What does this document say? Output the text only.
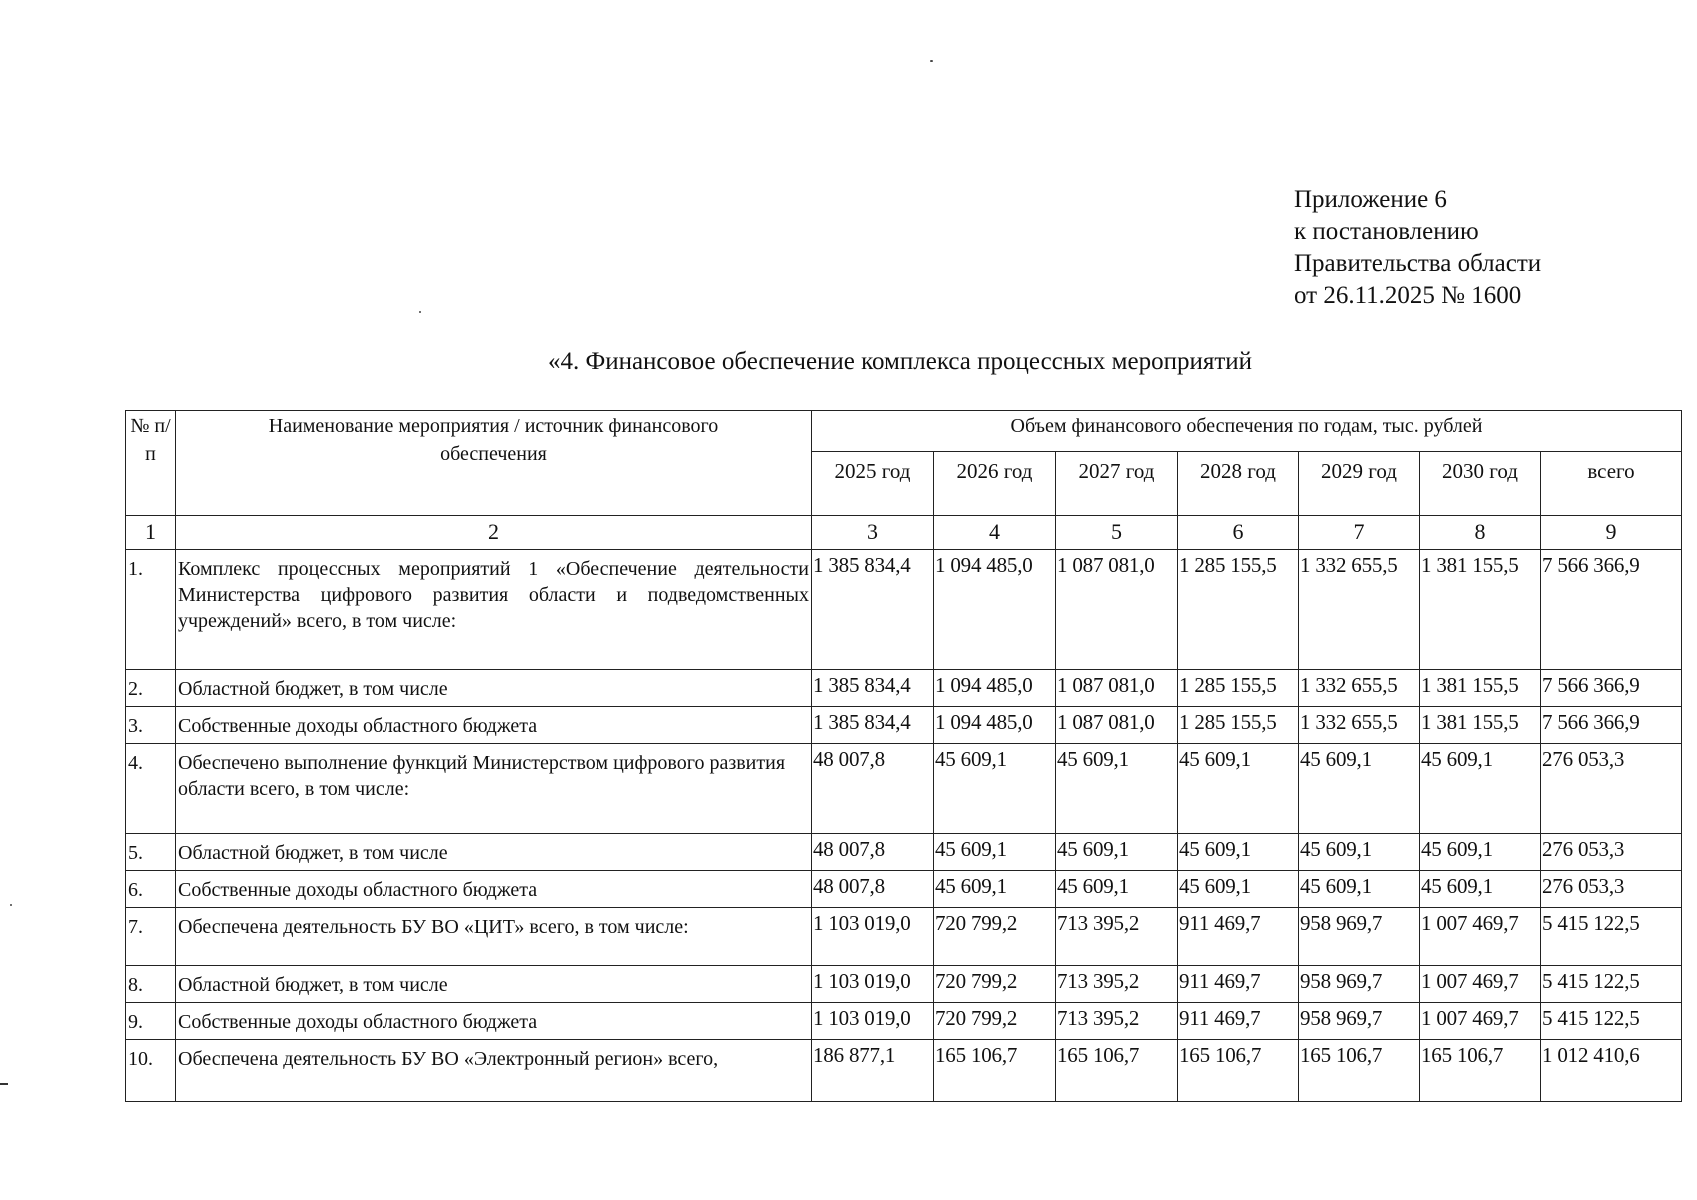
Приложение 6
к постановлению
Правительства области
от 26.11.2025 № 1600
«4. Финансовое обеспечение комплекса процессных мероприятий
№ п/п	Наименование мероприятия / источник финансового обеспечения	Объем финансового обеспечения по годам, тыс. рублей						
		2025 год	2026 год	2027 год	2028 год	2029 год	2030 год	всего
1	2	3	4	5	6	7	8	9
1.	Комплекс процессных мероприятий 1 «Обеспечение деятельности Министерства цифрового развития области и подведомственных учреждений» всего, в том числе:	1 385 834,4	1 094 485,0	1 087 081,0	1 285 155,5	1 332 655,5	1 381 155,5	7 566 366,9
2.	Областной бюджет, в том числе	1 385 834,4	1 094 485,0	1 087 081,0	1 285 155,5	1 332 655,5	1 381 155,5	7 566 366,9
3.	Собственные доходы областного бюджета	1 385 834,4	1 094 485,0	1 087 081,0	1 285 155,5	1 332 655,5	1 381 155,5	7 566 366,9
4.	Обеспечено выполнение функций Министерством цифрового развития области всего, в том числе:	48 007,8	45 609,1	45 609,1	45 609,1	45 609,1	45 609,1	276 053,3
5.	Областной бюджет, в том числе	48 007,8	45 609,1	45 609,1	45 609,1	45 609,1	45 609,1	276 053,3
6.	Собственные доходы областного бюджета	48 007,8	45 609,1	45 609,1	45 609,1	45 609,1	45 609,1	276 053,3
7.	Обеспечена деятельность БУ ВО «ЦИТ» всего, в том числе:	1 103 019,0	720 799,2	713 395,2	911 469,7	958 969,7	1 007 469,7	5 415 122,5
8.	Областной бюджет, в том числе	1 103 019,0	720 799,2	713 395,2	911 469,7	958 969,7	1 007 469,7	5 415 122,5
9.	Собственные доходы областного бюджета	1 103 019,0	720 799,2	713 395,2	911 469,7	958 969,7	1 007 469,7	5 415 122,5
10.	Обеспечена деятельность БУ ВО «Электронный регион» всего,	186 877,1	165 106,7	165 106,7	165 106,7	165 106,7	165 106,7	1 012 410,6
